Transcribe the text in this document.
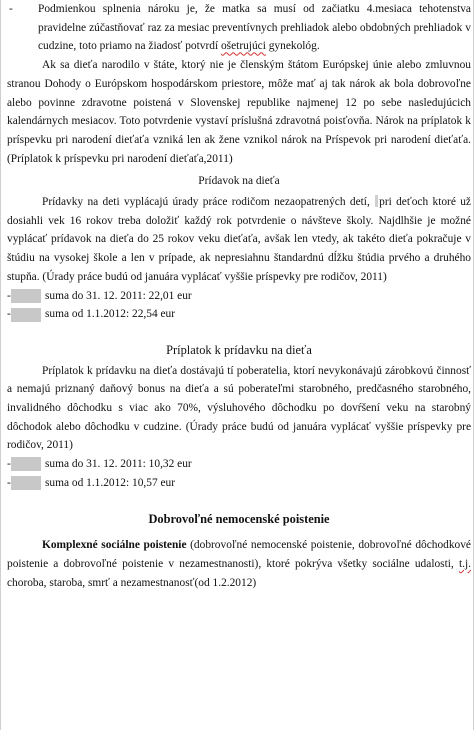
- Podmienkou splnenia nároku je, že matka sa musí od začiatku 4.mesiaca tehotenstva pravidelne zúčastňovať raz za mesiac preventívnych prehliadok alebo obdobných prehliadok v cudzine, toto priamo na žiadosť potvrdí ošetrujúci gynekológ.

Ak sa dieťa narodilo v štáte, ktorý nie je členským štátom Európskej únie alebo zmluvnou stranou Dohody o Európskom hospodárskom priestore, môže mať aj tak nárok ak bola dobrovoľne alebo povinne zdravotne poistená v Slovenskej republike najmenej 12 po sebe nasledujúcich kalendárnych mesiacov. Toto potvrdenie vystaví príslušná zdravotná poisťovňa. Nárok na príplatok k príspevku pri narodení dieťaťa vzniká len ak žene vznikol nárok na Príspevok pri narodení dieťaťa. (Príplatok k príspevku pri narodení dieťaťa,2011)

Prídavok na dieťa

Prídavky na deti vyplácajú úrady práce rodičom nezaopatrených detí, pri deťoch ktoré už dosiahli vek 16 rokov treba doložiť každý rok potvrdenie o návšteve školy. Najdlhšie je možné vyplácať prídavok na dieťa do 25 rokov veku dieťaťa, avšak len vtedy, ak takéto dieťa pokračuje v štúdiu na vysokej škole a len v prípade, ak nepresiahnu štandardnú dĺžku štúdia prvého a druhého stupňa. (Úrady práce budú od januára vyplácať vyššie príspevky pre rodičov, 2011)

-	suma do 31. 12. 2011: 22,01 eur
-	suma od 1.1.2012: 22,54 eur

Príplatok k prídavku na dieťa

Príplatok k prídavku na dieťa dostávajú tí poberatelia, ktorí nevykonávajú zárobkovú činnosť a nemajú priznaný daňový bonus na dieťa a sú poberateľmi starobného, predčasného starobného, invalidného dôchodku s viac ako 70%, výsluhového dôchodku po dovŕšení veku na starobný dôchodok alebo dôchodku v cudzine. (Úrady práce budú od januára vyplácať vyššie príspevky pre rodičov, 2011)

-	suma do 31. 12. 2011: 10,32 eur
-	suma od 1.1.2012: 10,57 eur

Dobrovoľné nemocenské poistenie

Komplexné sociálne poistenie (dobrovoľné nemocenské poistenie, dobrovoľné dôchodkové poistenie a dobrovoľné poistenie v nezamestnanosti), ktoré pokrýva všetky sociálne udalosti, t.j. choroba, staroba, smrť a nezamestnanosť(od 1.2.2012)
